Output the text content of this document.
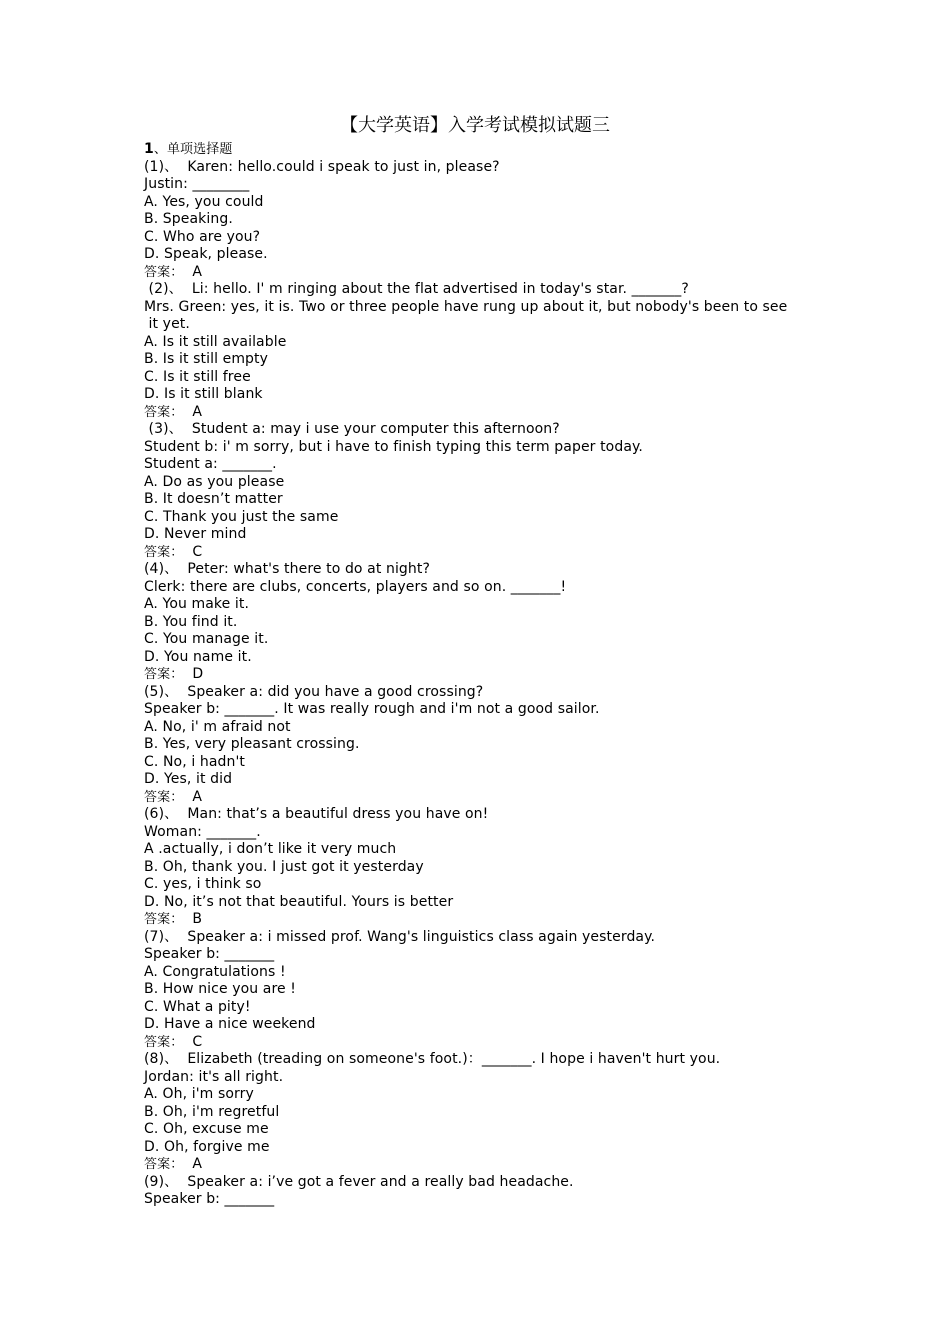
【大学英语】入学考试模拟试题三
1、单项选择题
(1)、  Karen: hello.could i speak to just in, please?
Justin: ________
A. Yes, you could
B. Speaking.
C. Who are you?
D. Speak, please.
答案： A
(2)、  Li: hello. I' m ringing about the flat advertised in today's star. _______?
Mrs. Green: yes, it is. Two or three people have rung up about it, but nobody's been to see
it yet.
A. Is it still available
B. Is it still empty
C. Is it still free
D. Is it still blank
答案： A
(3)、  Student a: may i use your computer this afternoon?
Student b: i' m sorry, but i have to finish typing this term paper today.
Student a: _______.
A. Do as you please
B. It doesn’t matter
C. Thank you just the same
D. Never mind
答案： C
(4)、  Peter: what's there to do at night?
Clerk: there are clubs, concerts, players and so on. _______!
A. You make it.
B. You find it.
C. You manage it.
D. You name it.
答案： D
(5)、  Speaker a: did you have a good crossing?
Speaker b: _______. It was really rough and i'm not a good sailor.
A. No, i' m afraid not
B. Yes, very pleasant crossing.
C. No, i hadn't
D. Yes, it did
答案： A
(6)、  Man: that’s a beautiful dress you have on!
Woman: _______.
A .actually, i don’t like it very much
B. Oh, thank you. I just got it yesterday
C. yes, i think so
D. No, it’s not that beautiful. Yours is better
答案： B
(7)、  Speaker a: i missed prof. Wang's linguistics class again yesterday.
Speaker b: _______
A. Congratulations !
B. How nice you are !
C. What a pity!
D. Have a nice weekend
答案： C
(8)、  Elizabeth (treading on someone's foot.)：_______. I hope i haven't hurt you.
Jordan: it's all right.
A. Oh, i'm sorry
B. Oh, i'm regretful
C. Oh, excuse me
D. Oh, forgive me
答案： A
(9)、  Speaker a: i’ve got a fever and a really bad headache.
Speaker b: _______
